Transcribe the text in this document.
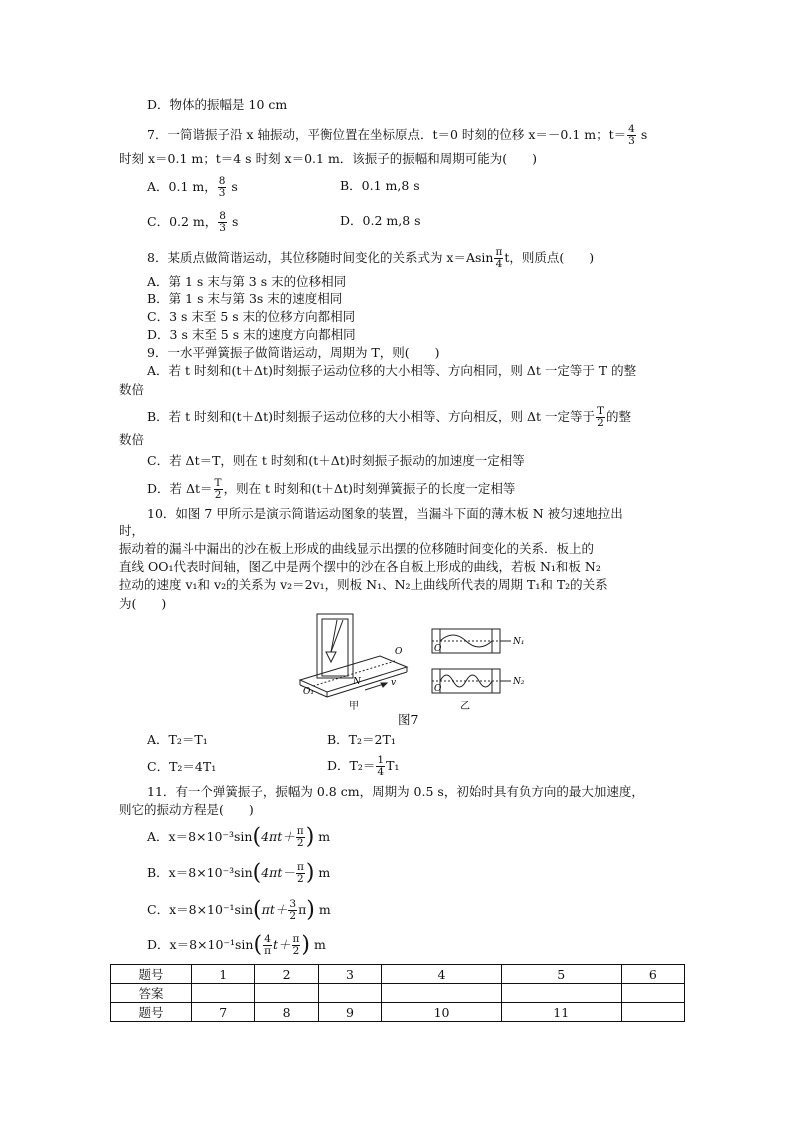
D．物体的振幅是 10 cm
7．一简谐振子沿 x 轴振动，平衡位置在坐标原点．t＝0 时刻的位移 x＝－0.1 m；$t= \frac{4}{3}$ s
时刻 x＝0.1 m；t＝4 s 时刻 x＝0.1 m．该振子的振幅和周期可能为(　　)
A．0.1 m， $\frac{8}{3}$ s	B．0.1 m,8 s
C．0.2 m， $\frac{8}{3}$ s	D．0.2 m,8 s
8．某质点做简谐运动，其位移随时间变化的关系式为 $x=Asin \frac{\pi}{4}$ t，则质点(　　)
A．第 1 s 末与第 3 s 末的位移相同
B．第 1 s 末与第 3s 末的速度相同
C．3 s 末至 5 s 末的位移方向都相同
D．3 s 末至 5 s 末的速度方向都相同
9．一水平弹簧振子做简谐运动，周期为 T，则(　　)
A．若 t 时刻和(t＋Δt)时刻振子运动位移的大小相等、方向相同，则 Δt 一定等于 T 的整
数倍
B．若 t 时刻和(t＋Δt)时刻振子运动位移的大小相等、方向相反，则 Δt 一定等于 $\frac{T}{2}$ 的整
数倍
C．若 Δt＝T，则在 t 时刻和(t＋Δt)时刻振子振动的加速度一定相等
D．若 $\Delta t= \frac{T}{2}$ ，则在 t 时刻和(t＋Δt)时刻弹簧振子的长度一定相等
10．如图 7 甲所示是演示简谐运动图象的装置，当漏斗下面的薄木板 N 被匀速地拉出
时，
振动着的漏斗中漏出的沙在板上形成的曲线显示出摆的位移随时间变化的关系．板上的
直线 OO₁代表时间轴，图乙中是两个摆中的沙在各自板上形成的曲线，若板 N₁和板 N₂
拉动的速度 v₁和 v₂的关系为 v₂＝2v₁，则板 N₁、N₂上曲线所代表的周期 T₁和 T₂的关系
为(　　)
O
O₁
N	v
甲
O
O
N₁
N₂
乙
图7
A．T₂＝T₁	B．T₂＝2T₁
C．T₂＝4T₁	D．$T_2= \frac{1}{4} T_1$
11．有一个弹簧振子，振幅为 0.8 cm，周期为 0.5 s，初始时具有负方向的最大加速度，
则它的振动方程是(　　)
A．$x=8\times 10^{-3}\sin(4\pi t+ \frac{\pi}{2}$ ) m
B．$x=8\times 10^{-3}\sin(4\pi t- \frac{\pi}{2}$ ) m
C．$x=8\times 10^{-1}\sin(\pi t+ \frac{3}{2} \pi)$ m
D．$x=8\times 10^{-1}\sin( \frac{4}{\pi} t+ \frac{\pi}{2}$ ) m
题号	1	2	3	4	5	6
答案						
题号	7	8	9	10	11	
